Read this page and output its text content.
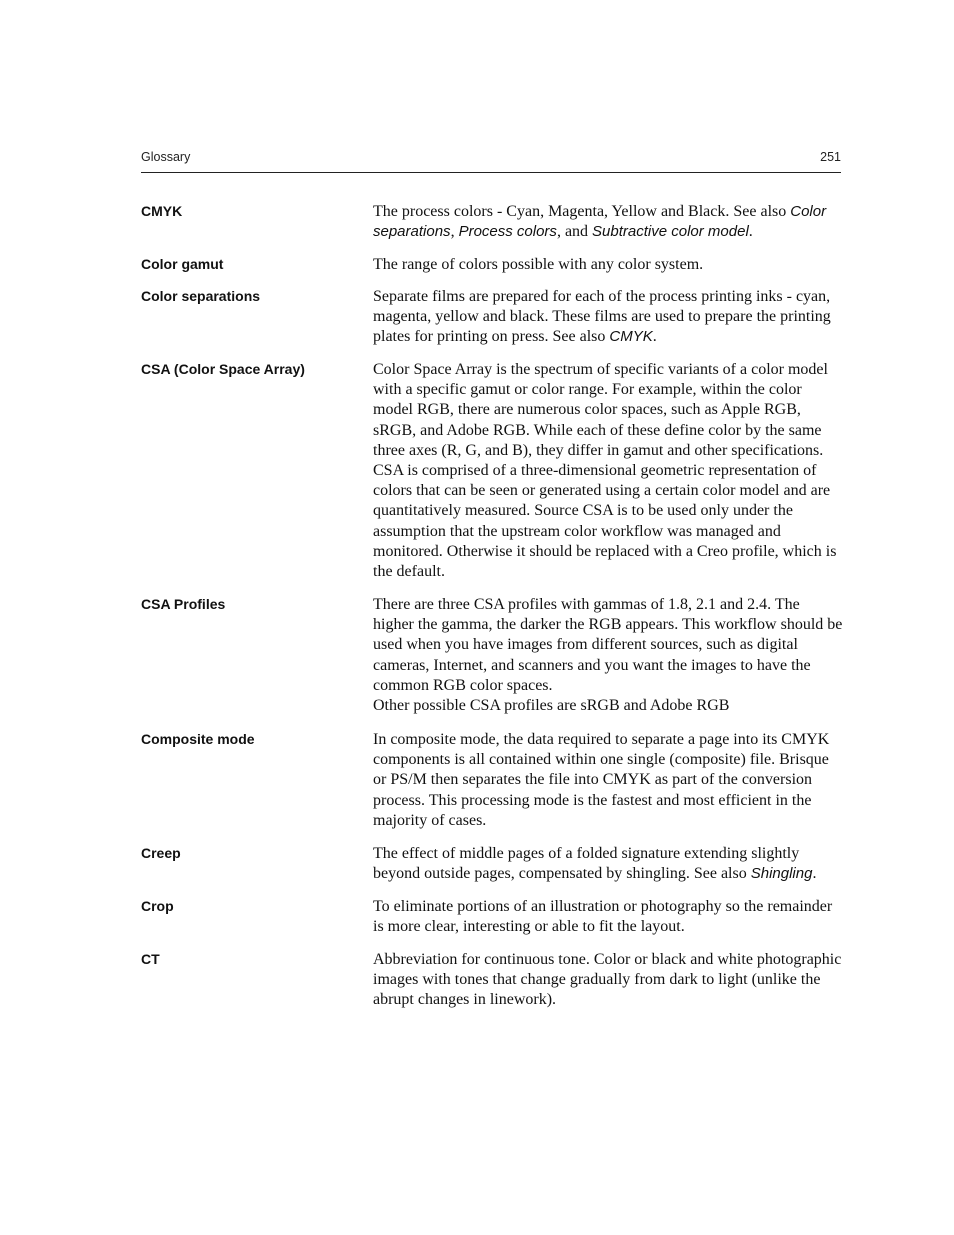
Glossary	251
CMYK	The process colors - Cyan, Magenta, Yellow and Black. See also Color separations, Process colors, and Subtractive color model.
Color gamut	The range of colors possible with any color system.
Color separations	Separate films are prepared for each of the process printing inks - cyan, magenta, yellow and black. These films are used to prepare the printing plates for printing on press. See also CMYK.
CSA (Color Space Array)	Color Space Array is the spectrum of specific variants of a color model with a specific gamut or color range. For example, within the color model RGB, there are numerous color spaces, such as Apple RGB, sRGB, and Adobe RGB. While each of these define color by the same three axes (R, G, and B), they differ in gamut and other specifications. CSA is comprised of a three-dimensional geometric representation of colors that can be seen or generated using a certain color model and are quantitatively measured. Source CSA is to be used only under the assumption that the upstream color workflow was managed and monitored. Otherwise it should be replaced with a Creo profile, which is the default.
CSA Profiles	There are three CSA profiles with gammas of 1.8, 2.1 and 2.4. The higher the gamma, the darker the RGB appears. This workflow should be used when you have images from different sources, such as digital cameras, Internet, and scanners and you want the images to have the common RGB color spaces.
Other possible CSA profiles are sRGB and Adobe RGB
Composite mode	In composite mode, the data required to separate a page into its CMYK components is all contained within one single (composite) file. Brisque or PS/M then separates the file into CMYK as part of the conversion process. This processing mode is the fastest and most efficient in the majority of cases.
Creep	The effect of middle pages of a folded signature extending slightly beyond outside pages, compensated by shingling. See also Shingling.
Crop	To eliminate portions of an illustration or photography so the remainder is more clear, interesting or able to fit the layout.
CT	Abbreviation for continuous tone. Color or black and white photographic images with tones that change gradually from dark to light (unlike the abrupt changes in linework).
